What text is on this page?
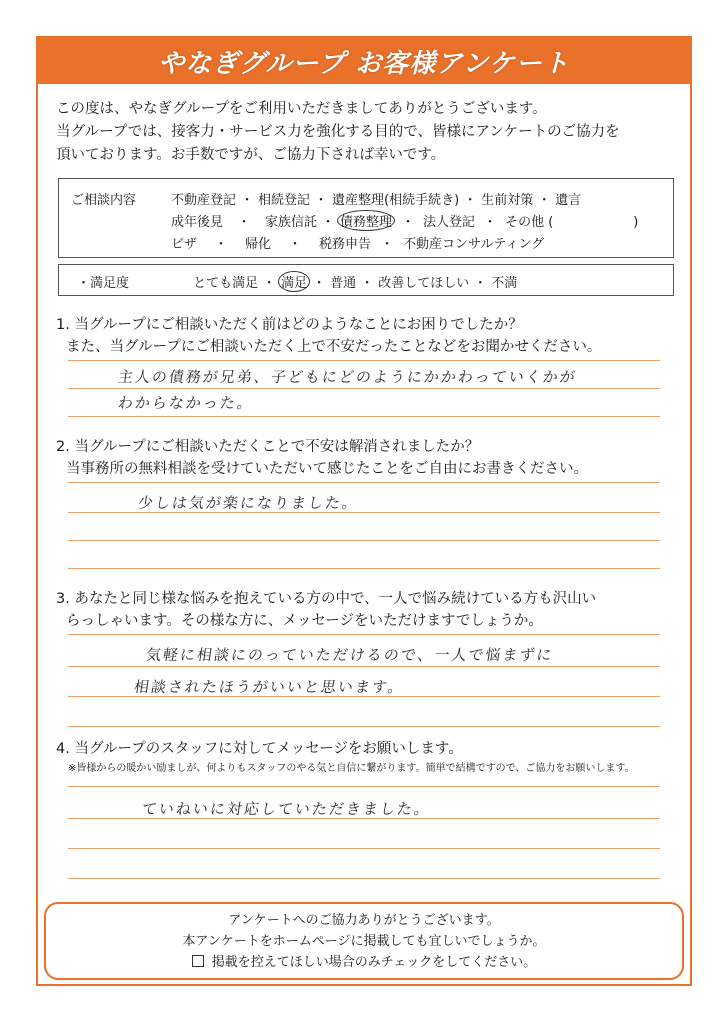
やなぎグループ お客様アンケート
この度は、やなぎグループをご利用いただきましてありがとうございます。
当グループでは、接客力・サービス力を強化する目的で、皆様にアンケートのご協力を
頂いております。お手数ですが、ご協力下されば幸いです。
ご相談内容	不動産登記 ・ 相続登記 ・ 遺産整理(相続手続き) ・ 生前対策 ・ 遺言
成年後見 ・ 家族信託 ・ 債務整理 ・ 法人登記 ・ その他 (	)
ビザ ・ 帰化 ・ 税務申告 ・ 不動産コンサルティング
・満足度	とても満足 ・ 満足 ・ 普通 ・ 改善してほしい ・ 不満
1. 当グループにご相談いただく前はどのようなことにお困りでしたか？
また、当グループにご相談いただく上で不安だったことなどをお聞かせください。
主人の債務が兄弟、子どもにどのようにかかわっていくかが
わからなかった。
2. 当グループにご相談いただくことで不安は解消されましたか？
当事務所の無料相談を受けていただいて感じたことをご自由にお書きください。
少しは気が楽になりました。
3. あなたと同じ様な悩みを抱えている方の中で、一人で悩み続けている方も沢山い
らっしゃいます。その様な方に、メッセージをいただけますでしょうか。
気軽に相談にのっていただけるので、一人で悩まずに
相談されたほうがいいと思います。
4. 当グループのスタッフに対してメッセージをお願いします。
※皆様からの暖かい励ましが、何よりもスタッフのやる気と自信に繋がります。簡単で結構ですので、ご協力をお願いします。
ていねいに対応していただきました。
アンケートへのご協力ありがとうございます。
本アンケートをホームページに掲載しても宜しいでしょうか。
掲載を控えてほしい場合のみチェックをしてください。
